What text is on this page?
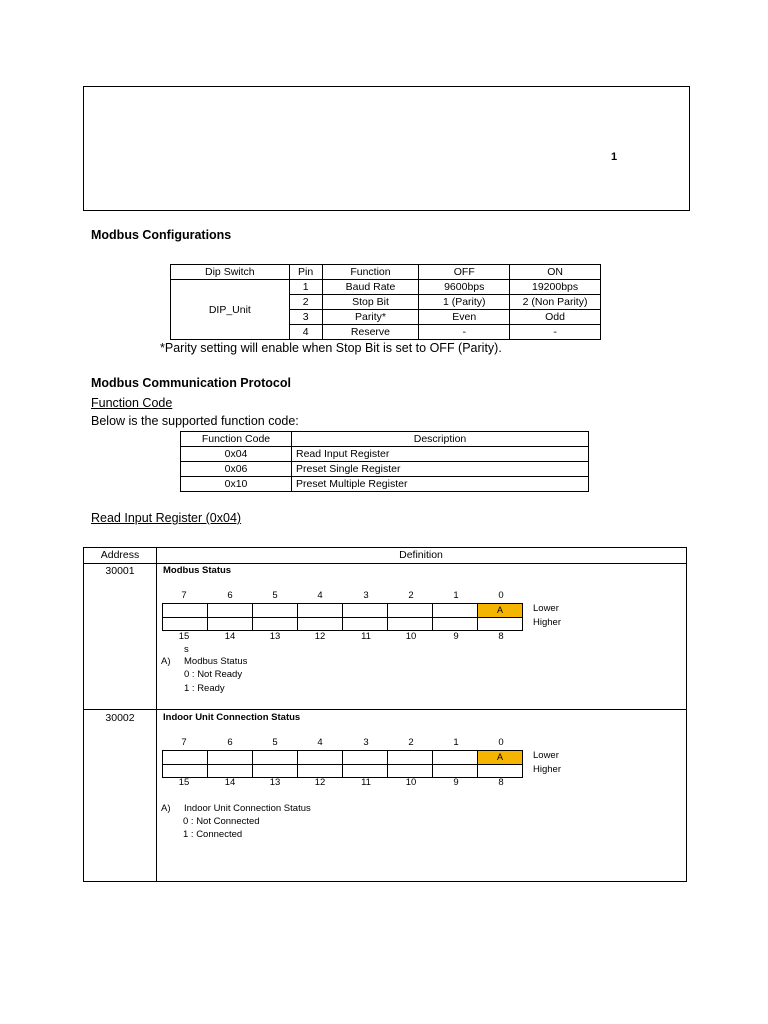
1
Modbus Configurations
Dip Switch	Pin	Function	OFF	ON
DIP_Unit	1	Baud Rate	9600bps	19200bps
	2	Stop Bit	1 (Parity)	2 (Non Parity)
	3	Parity*	Even	Odd
	4	Reserve	-	-
*Parity setting will enable when Stop Bit is set to OFF (Parity).
Modbus Communication Protocol
Function Code
Below is the supported function code:
Function Code	Description
0x04	Read Input Register
0x06	Preset Single Register
0x10	Preset Multiple Register
Read Input Register (0x04)
Address	Definition
30001	Modbus Status
7	6	5	4	3	2	1	0
							A
								Lower
Higher
15	14	13	12	11	10	9	8
s
A) Modbus Status
0 : Not Ready
1 : Ready
30002	Indoor Unit Connection Status
7	6	5	4	3	2	1	0
							A
								Lower
Higher
15	14	13	12	11	10	9	8
A) Indoor Unit Connection Status
0 : Not Connected
1 : Connected
